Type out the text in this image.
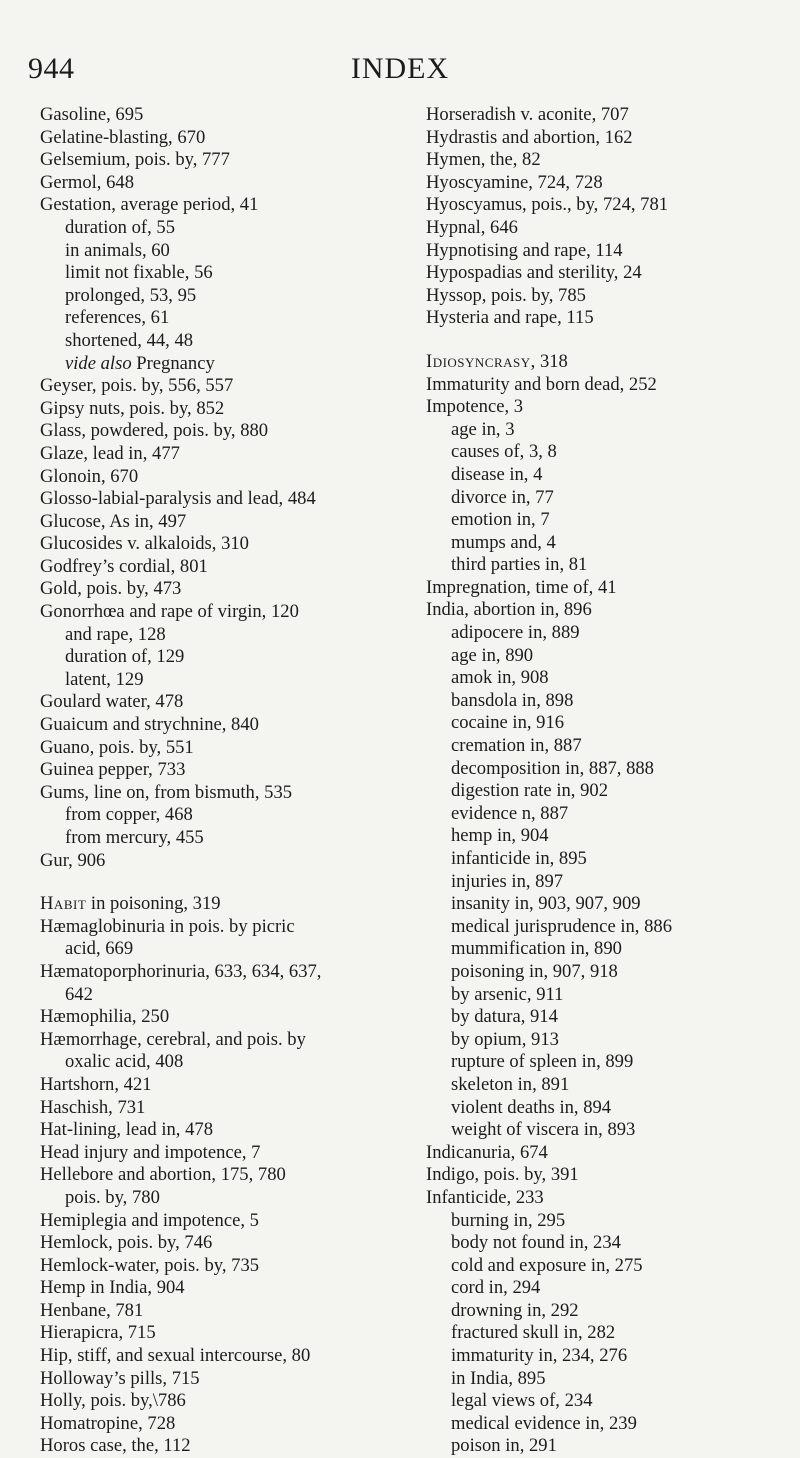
944	INDEX
Gasoline, 695
Gelatine-blasting, 670
Gelsemium, pois. by, 777
Germol, 648
Gestation, average period, 41
duration of, 55
in animals, 60
limit not fixable, 56
prolonged, 53, 95
references, 61
shortened, 44, 48
vide also Pregnancy
Geyser, pois. by, 556, 557
Gipsy nuts, pois. by, 852
Glass, powdered, pois. by, 880
Glaze, lead in, 477
Glonoin, 670
Glosso-labial-paralysis and lead, 484
Glucose, As in, 497
Glucosides v. alkaloids, 310
Godfrey’s cordial, 801
Gold, pois. by, 473
Gonorrhœa and rape of virgin, 120
and rape, 128
duration of, 129
latent, 129
Goulard water, 478
Guaicum and strychnine, 840
Guano, pois. by, 551
Guinea pepper, 733
Gums, line on, from bismuth, 535
from copper, 468
from mercury, 455
Gur, 906
Habit in poisoning, 319
Hæmaglobinuria in pois. by picric
acid, 669
Hæmatoporphorinuria, 633, 634, 637,
642
Hæmophilia, 250
Hæmorrhage, cerebral, and pois. by
oxalic acid, 408
Hartshorn, 421
Haschish, 731
Hat-lining, lead in, 478
Head injury and impotence, 7
Hellebore and abortion, 175, 780
pois. by, 780
Hemiplegia and impotence, 5
Hemlock, pois. by, 746
Hemlock-water, pois. by, 735
Hemp in India, 904
Henbane, 781
Hierapicra, 715
Hip, stiff, and sexual intercourse, 80
Holloway’s pills, 715
Holly, pois. by,\786
Homatropine, 728
Horos case, the, 112
Horseradish v. aconite, 707
Hydrastis and abortion, 162
Hymen, the, 82
Hyoscyamine, 724, 728
Hyoscyamus, pois., by, 724, 781
Hypnal, 646
Hypnotising and rape, 114
Hypospadias and sterility, 24
Hyssop, pois. by, 785
Hysteria and rape, 115
Idiosyncrasy, 318
Immaturity and born dead, 252
Impotence, 3
age in, 3
causes of, 3, 8
disease in, 4
divorce in, 77
emotion in, 7
mumps and, 4
third parties in, 81
Impregnation, time of, 41
India, abortion in, 896
adipocere in, 889
age in, 890
amok in, 908
bansdola in, 898
cocaine in, 916
cremation in, 887
decomposition in, 887, 888
digestion rate in, 902
evidence n, 887
hemp in, 904
infanticide in, 895
injuries in, 897
insanity in, 903, 907, 909
medical jurisprudence in, 886
mummification in, 890
poisoning in, 907, 918
by arsenic, 911
by datura, 914
by opium, 913
rupture of spleen in, 899
skeleton in, 891
violent deaths in, 894
weight of viscera in, 893
Indicanuria, 674
Indigo, pois. by, 391
Infanticide, 233
burning in, 295
body not found in, 234
cold and exposure in, 275
cord in, 294
drowning in, 292
fractured skull in, 282
immaturity in, 234, 276
in India, 895
legal views of, 234
medical evidence in, 239
poison in, 291
